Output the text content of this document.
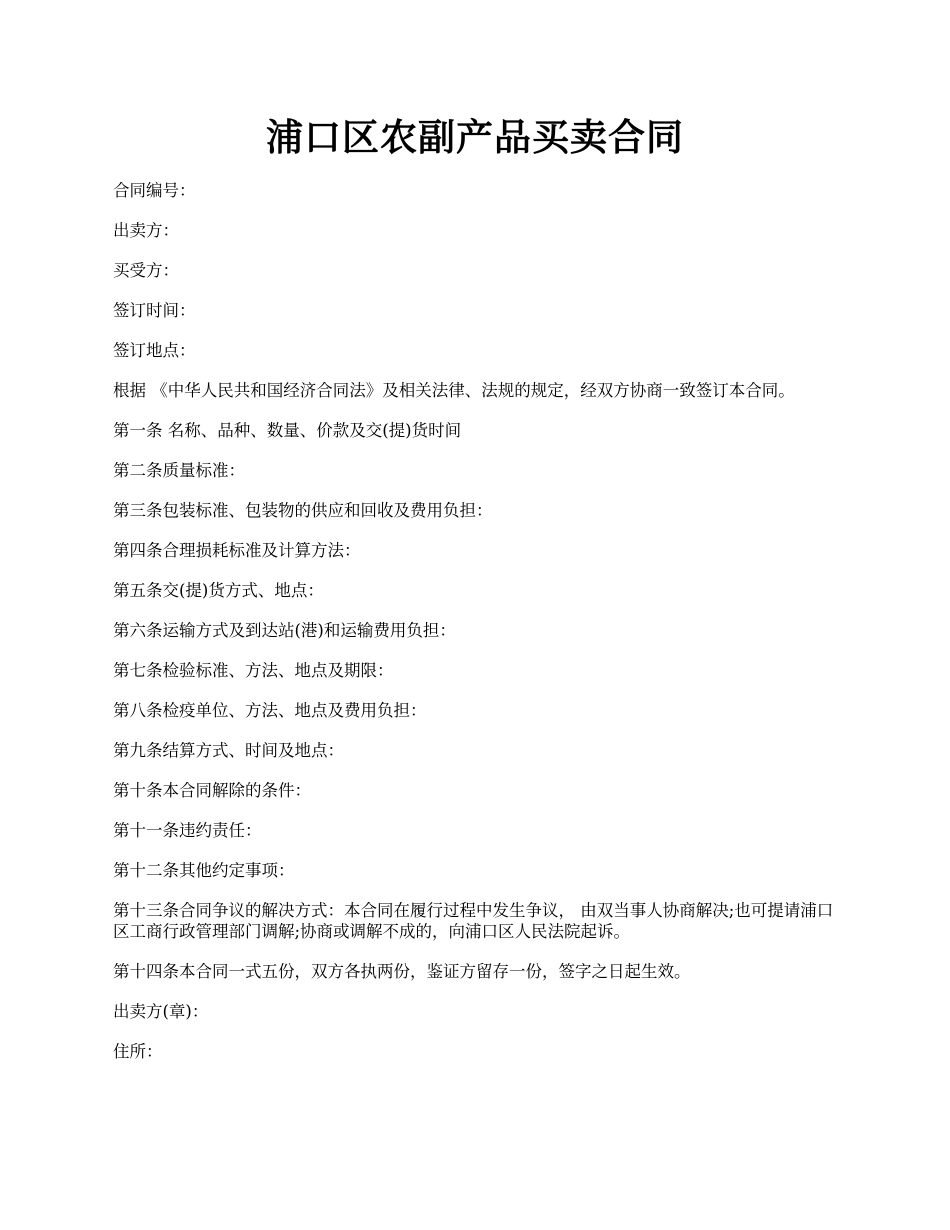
浦口区农副产品买卖合同

合同编号：

出卖方：

买受方：

签订时间：

签订地点：

根据 《中华人民共和国经济合同法》及相关法律、法规的规定，经双方协商一致签订本合同。

第一条 名称、品种、数量、价款及交(提)货时间

第二条质量标准：

第三条包装标准、包装物的供应和回收及费用负担：

第四条合理损耗标准及计算方法：

第五条交(提)货方式、地点：

第六条运输方式及到达站(港)和运输费用负担：

第七条检验标准、方法、地点及期限：

第八条检疫单位、方法、地点及费用负担：

第九条结算方式、时间及地点：

第十条本合同解除的条件：

第十一条违约责任：

第十二条其他约定事项：

第十三条合同争议的解决方式：本合同在履行过程中发生争议， 由双当事人协商解决;也可提请浦口区工商行政管理部门调解;协商或调解不成的，向浦口区人民法院起诉。

第十四条本合同一式五份，双方各执两份，鉴证方留存一份，签字之日起生效。

出卖方(章)：

住所：
